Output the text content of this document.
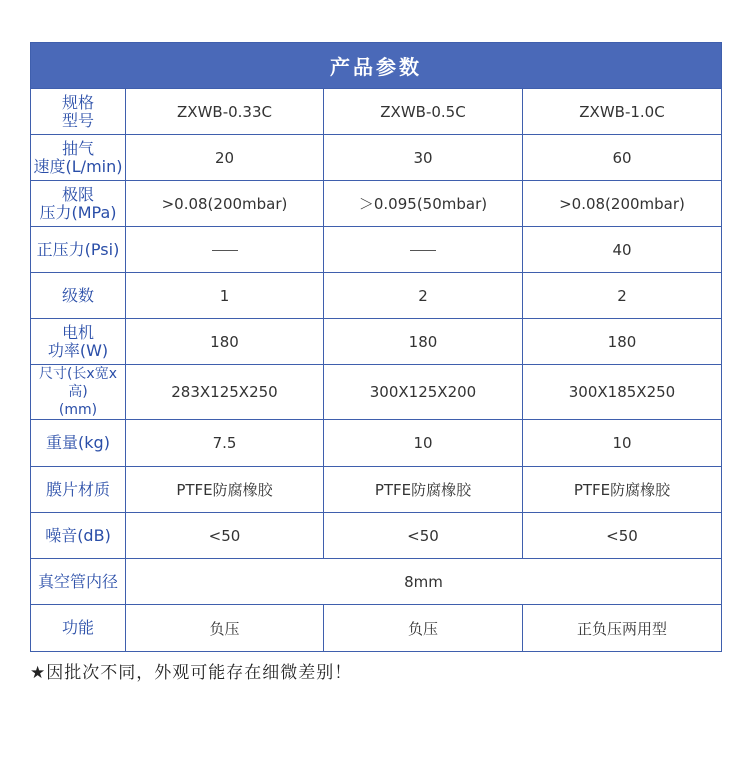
产品参数			
规格
型号	ZXWB-0.33C	ZXWB-0.5C	ZXWB-1.0C
抽气
速度(L/min)	20	30	60
极限
压力(MPa)	>0.08(200mbar)	＞0.095(50mbar)	>0.08(200mbar)
正压力(Psi)			40
级数	1	2	2
电机
功率(W)	180	180	180
尺寸(长x宽x高)
(mm)	283X125X250	300X125X200	300X185X250
重量(kg)	7.5	10	10
膜片材质	PTFE防腐橡胶	PTFE防腐橡胶	PTFE防腐橡胶
噪音(dB)	<50	<50	<50
真空管内径	8mm		
功能	负压	负压	正负压两用型
★因批次不同，外观可能存在细微差别！
